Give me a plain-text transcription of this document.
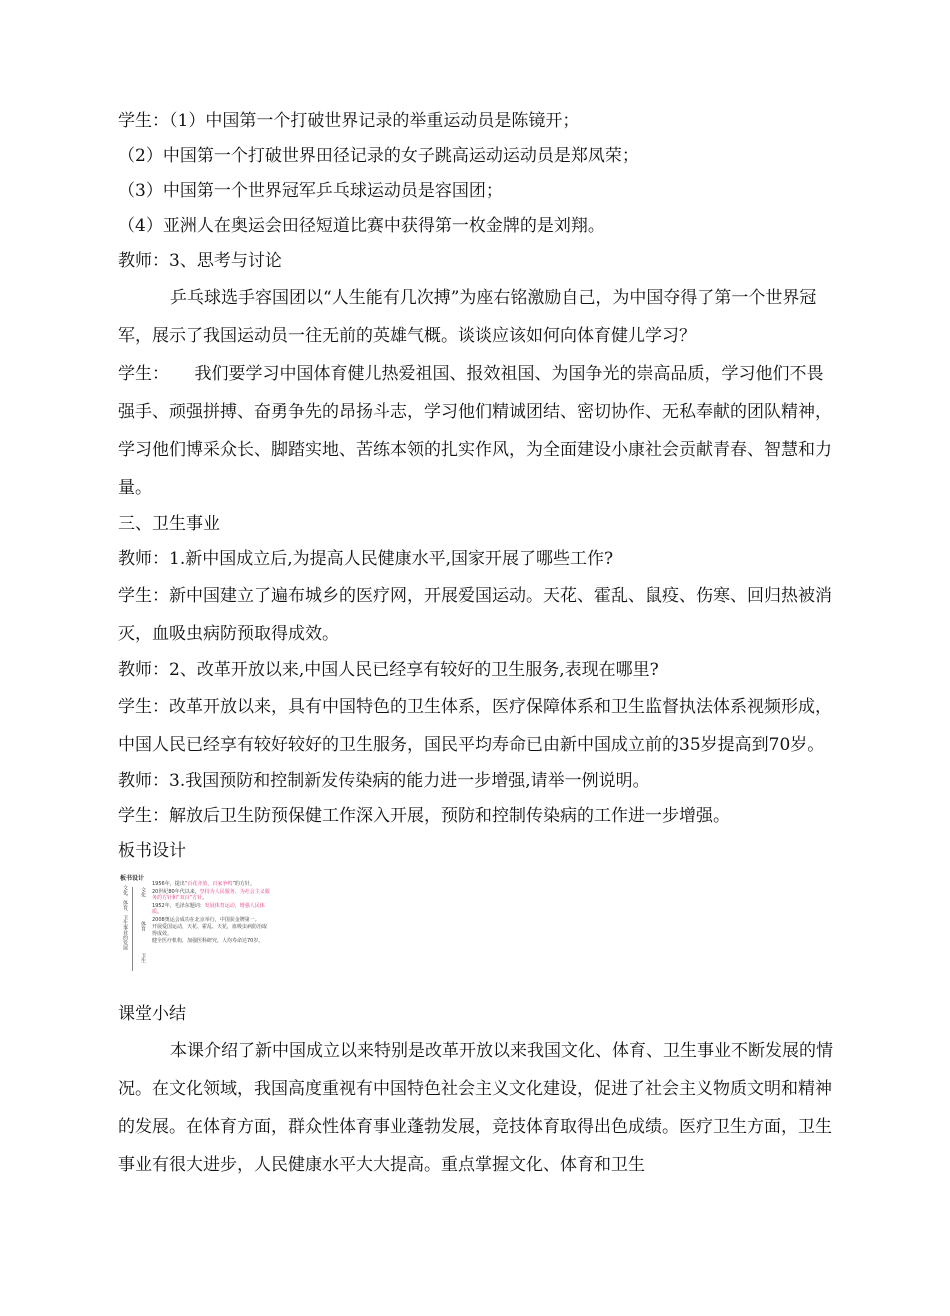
学生：（1）中国第一个打破世界记录的举重运动员是陈镜开；
（2）中国第一个打破世界田径记录的女子跳高运动运动员是郑凤荣；
（3）中国第一个世界冠军乒乓球运动员是容国团；
（4）亚洲人在奥运会田径短道比赛中获得第一枚金牌的是刘翔。
教师：3、思考与讨论
乒乓球选手容国团以“人生能有几次搏”为座右铭激励自己，为中国夺得了第一个世界冠军，展示了我国运动员一往无前的英雄气概。谈谈应该如何向体育健儿学习？
学生：　　我们要学习中国体育健儿热爱祖国、报效祖国、为国争光的崇高品质，学习他们不畏强手、顽强拼搏、奋勇争先的昂扬斗志，学习他们精诚团结、密切协作、无私奉献的团队精神，学习他们博采众长、脚踏实地、苦练本领的扎实作风，为全面建设小康社会贡献青春、智慧和力量。
三、卫生事业
教师：1.新中国成立后,为提高人民健康水平,国家开展了哪些工作?
学生：新中国建立了遍布城乡的医疗网，开展爱国运动。天花、霍乱、鼠疫、伤寒、回归热被消灭，血吸虫病防预取得成效。
教师：2、改革开放以来,中国人民已经享有较好的卫生服务,表现在哪里?
学生：改革开放以来，具有中国特色的卫生体系，医疗保障体系和卫生监督执法体系视频形成，中国人民已经享有较好较好的卫生服务，国民平均寿命已由新中国成立前的35岁提高到70岁。
教师：3.我国预防和控制新发传染病的能力进一步增强,请举一例说明。
学生：解放后卫生防预保健工作深入开展，预防和控制传染病的工作进一步增强。
板书设计
板书设计
文化、体育、卫生事业的发展	文化
体育
卫生
1956年，提出“百花齐放，百家争鸣”的方针。
20世纪80年代以来，坚持为人民服务、为社会主义服务的方针和“双百”方针。
1952年，毛泽东题词：发展体育运动，增强人民体质。
2008奥运会成功在北京举行，中国获金牌第一。
开展爱国运动，天花、霍乱、天花，血吸虫病防治取得成效。
健全医疗机构，加强医科研究，人均寿命达70岁。
课堂小结
本课介绍了新中国成立以来特别是改革开放以来我国文化、体育、卫生事业不断发展的情况。在文化领域，我国高度重视有中国特色社会主义文化建设，促进了社会主义物质文明和精神的发展。在体育方面，群众性体育事业蓬勃发展，竞技体育取得出色成绩。医疗卫生方面，卫生事业有很大进步，人民健康水平大大提高。重点掌握文化、体育和卫生
